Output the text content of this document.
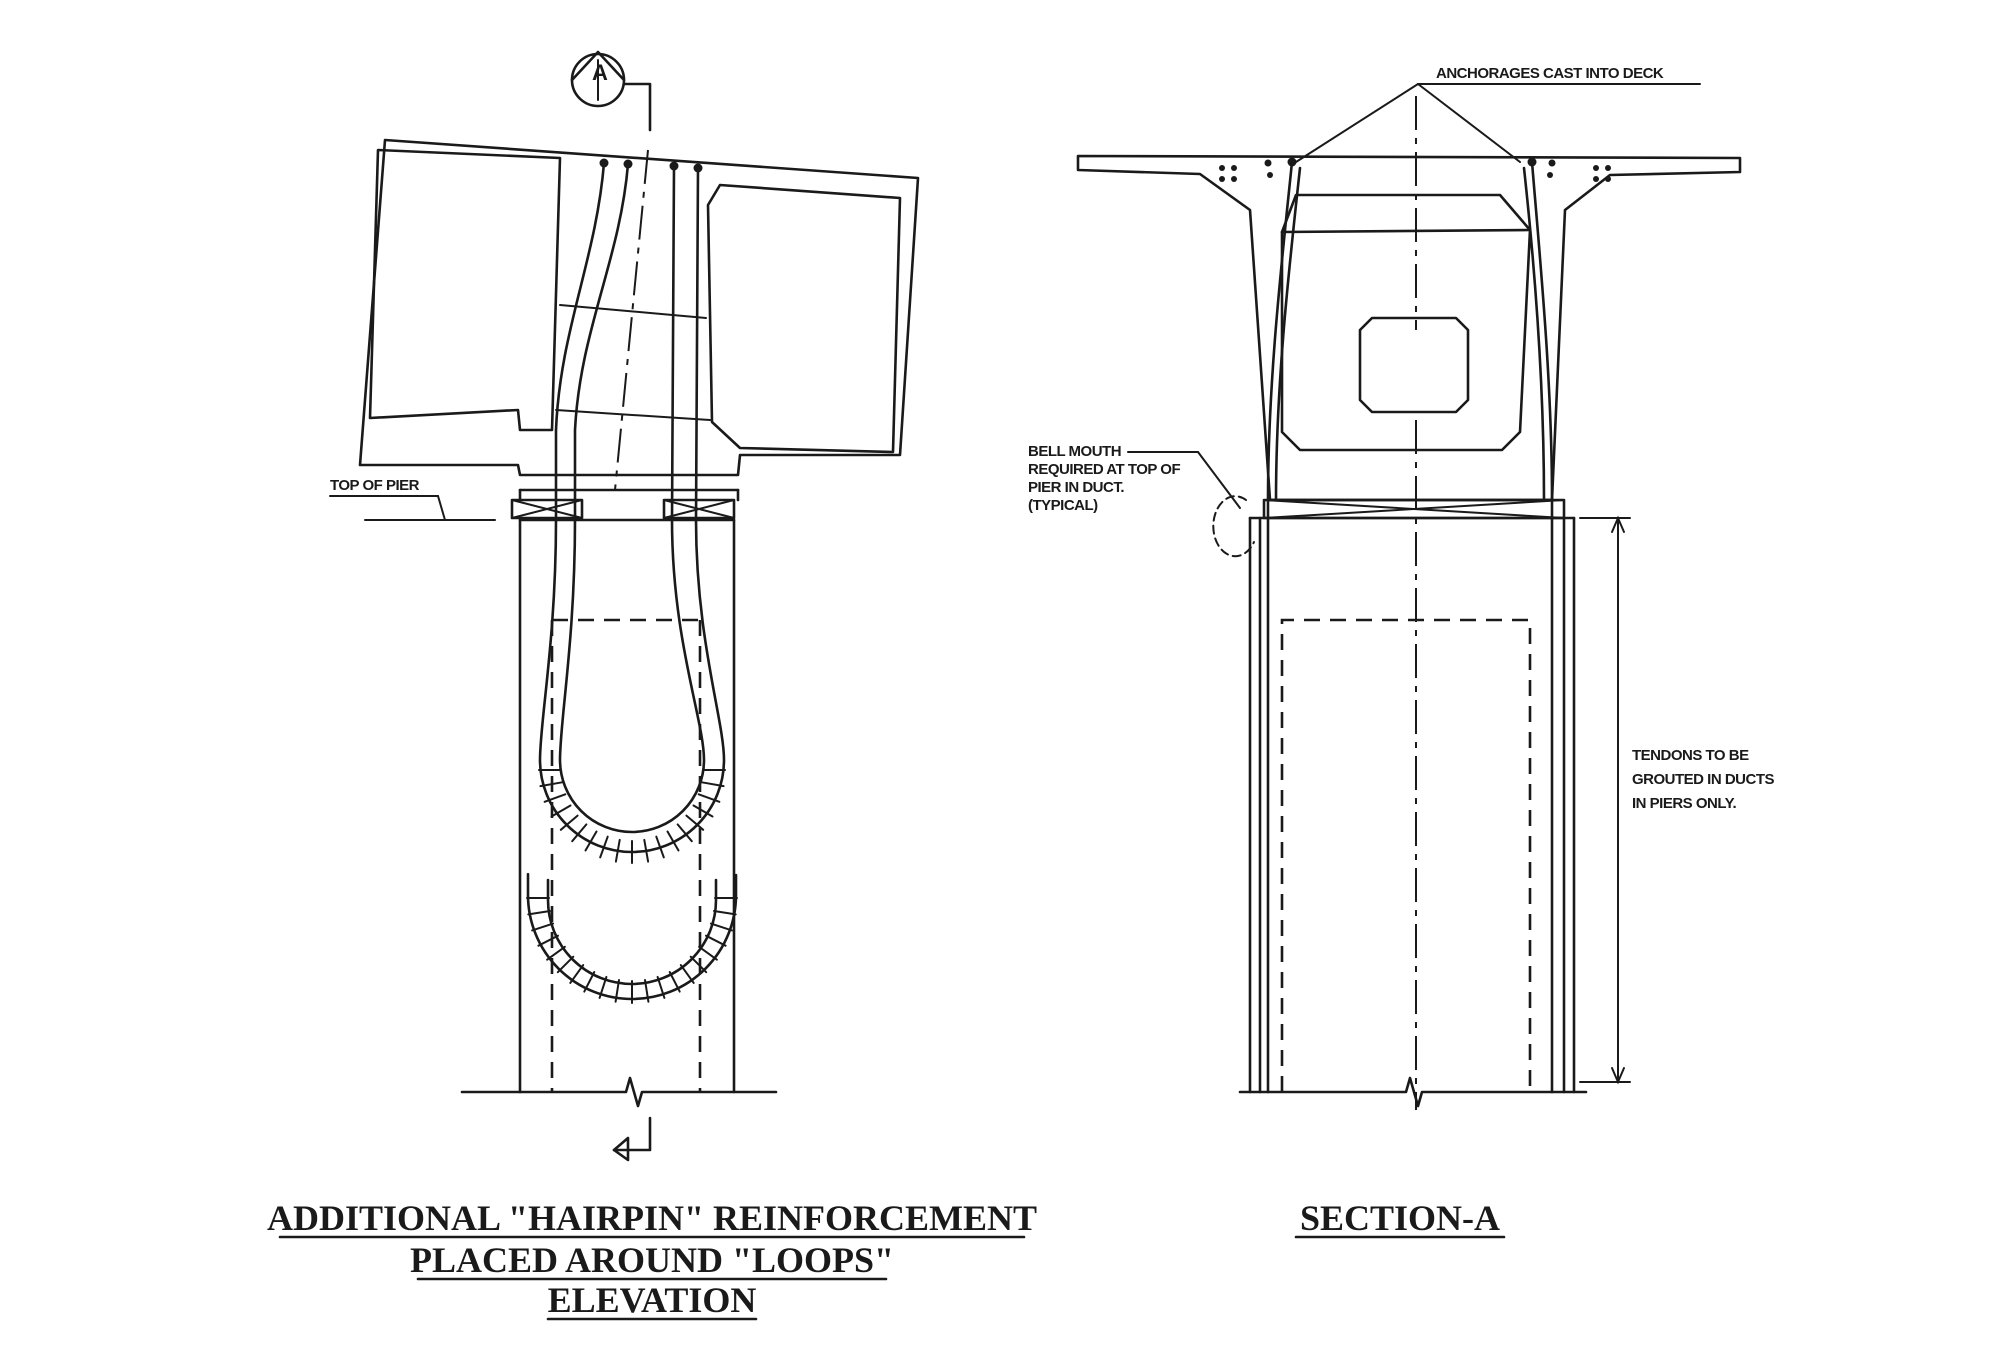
A
TOP OF PIER
ADDITIONAL "HAIRPIN" REINFORCEMENT
PLACED AROUND "LOOPS"
ELEVATION
ANCHORAGES CAST INTO DECK
BELL MOUTH
REQUIRED AT TOP OF
PIER IN DUCT.
(TYPICAL)
TENDONS TO BE
GROUTED IN DUCTS
IN PIERS ONLY.
SECTION-A
